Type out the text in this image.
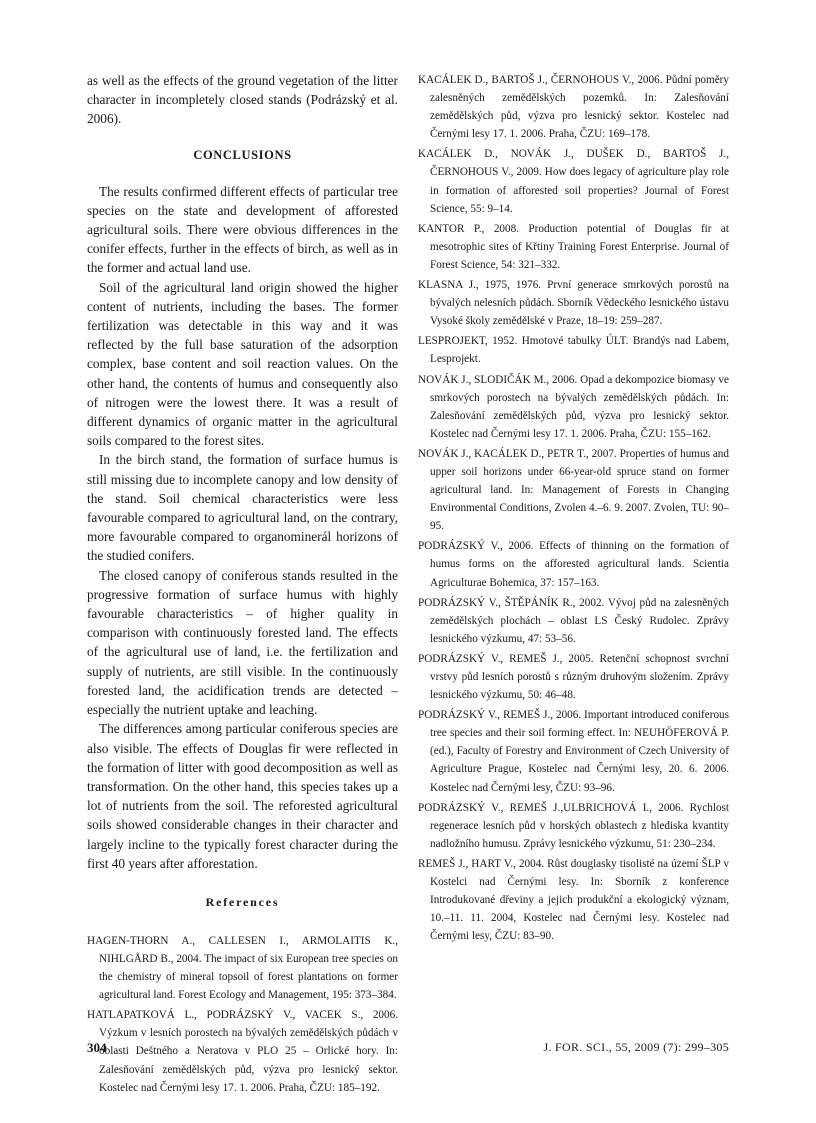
as well as the effects of the ground vegetation of the litter character in incompletely closed stands (Podrázský et al. 2006).

CONCLUSIONS

The results confirmed different effects of particular tree species on the state and development of afforested agricultural soils. There were obvious differences in the conifer effects, further in the effects of birch, as well as in the former and actual land use.

Soil of the agricultural land origin showed the higher content of nutrients, including the bases. The former fertilization was detectable in this way and it was reflected by the full base saturation of the adsorption complex, base content and soil reaction values. On the other hand, the contents of humus and consequently also of nitrogen were the lowest there. It was a result of different dynamics of organic matter in the agricultural soils compared to the forest sites.

In the birch stand, the formation of surface humus is still missing due to incomplete canopy and low density of the stand. Soil chemical characteristics were less favourable compared to agricultural land, on the contrary, more favourable compared to organominerál horizons of the studied conifers.

The closed canopy of coniferous stands resulted in the progressive formation of surface humus with highly favourable characteristics – of higher quality in comparison with continuously forested land. The effects of the agricultural use of land, i.e. the fertilization and supply of nutrients, are still visible. In the continuously forested land, the acidification trends are detected – especially the nutrient uptake and leaching.

The differences among particular coniferous species are also visible. The effects of Douglas fir were reflected in the formation of litter with good decomposition as well as transformation. On the other hand, this species takes up a lot of nutrients from the soil. The reforested agricultural soils showed considerable changes in their character and largely incline to the typically forest character during the first 40 years after afforestation.

References

HAGEN-THORN A., CALLESEN I., ARMOLAITIS K., NIHLGÅRD B., 2004. The impact of six European tree species on the chemistry of mineral topsoil of forest plantations on former agricultural land. Forest Ecology and Management, 195: 373–384.

HATLAPATKOVÁ L., PODRÁZSKÝ V., VACEK S., 2006. Výzkum v lesních porostech na bývalých zemědělských půdách v oblasti Deštného a Neratova v PLO 25 – Orlické hory. In: Zalesňování zemědělských půd, výzva pro lesnický sektor. Kostelec nad Černými lesy 17. 1. 2006. Praha, ČZU: 185–192.

KACÁLEK D., BARTOŠ J., ČERNOHOUS V., 2006. Půdní poměry zalesněných zemědělských pozemků. In: Zalesňování zemědělských půd, výzva pro lesnický sektor. Kostelec nad Černými lesy 17. 1. 2006. Praha, ČZU: 169–178.

KACÁLEK D., NOVÁK J., DUŠEK D., BARTOŠ J., ČERNOHOUS V., 2009. How does legacy of agriculture play role in formation of afforested soil properties? Journal of Forest Science, 55: 9–14.

KANTOR P., 2008. Production potential of Douglas fir at mesotrophic sites of Křtiny Training Forest Enterprise. Journal of Forest Science, 54: 321–332.

KLASNA J., 1975, 1976. První generace smrkových porostů na bývalých nelesních půdách. Sborník Vědeckého lesnického ústavu Vysoké školy zemědělské v Praze, 18–19: 259–287.

LESPROJEKT, 1952. Hmotové tabulky ÚLT. Brandýs nad Labem, Lesprojekt.

NOVÁK J., SLODIČÁK M., 2006. Opad a dekompozice biomasy ve smrkových porostech na bývalých zemědělských půdách. In: Zalesňování zemědělských půd, výzva pro lesnický sektor. Kostelec nad Černými lesy 17. 1. 2006. Praha, ČZU: 155–162.

NOVÁK J., KACÁLEK D., PETR T., 2007. Properties of humus and upper soil horizons under 66-year-old spruce stand on former agricultural land. In: Management of Forests in Changing Environmental Conditions, Zvolen 4.–6. 9. 2007. Zvolen, TU: 90–95.

PODRÁZSKÝ V., 2006. Effects of thinning on the formation of humus forms on the afforested agricultural lands. Scientia Agriculturae Bohemica, 37: 157–163.

PODRÁZSKÝ V., ŠTĚPÁNÍK R., 2002. Vývoj půd na zalesněných zemědělských plochách – oblast LS Český Rudolec. Zprávy lesnického výzkumu, 47: 53–56.

PODRÁZSKÝ V., REMEŠ J., 2005. Retenční schopnost svrchní vrstvy půd lesních porostů s různým druhovým složením. Zprávy lesnického výzkumu, 50: 46–48.

PODRÁZSKÝ V., REMEŠ J., 2006. Important introduced coniferous tree species and their soil forming effect. In: NEUHÖFEROVÁ P. (ed.), Faculty of Forestry and Environment of Czech University of Agriculture Prague, Kostelec nad Černými lesy, 20. 6. 2006. Kostelec nad Černými lesy, ČZU: 93–96.

PODRÁZSKÝ V., REMEŠ J.,ULBRICHOVÁ I., 2006. Rychlost regenerace lesních půd v horských oblastech z hlediska kvantity nadložního humusu. Zprávy lesnického výzkumu, 51: 230–234.

REMEŠ J., HART V., 2004. Růst douglasky tisolisté na území ŠLP v Kostelci nad Černými lesy. In: Sborník z konference Introdukované dřeviny a jejich produkční a ekologický význam, 10.–11. 11. 2004, Kostelec nad Černými lesy. Kostelec nad Černými lesy, ČZU: 83–90.

304	J. FOR. SCI., 55, 2009 (7): 299–305
